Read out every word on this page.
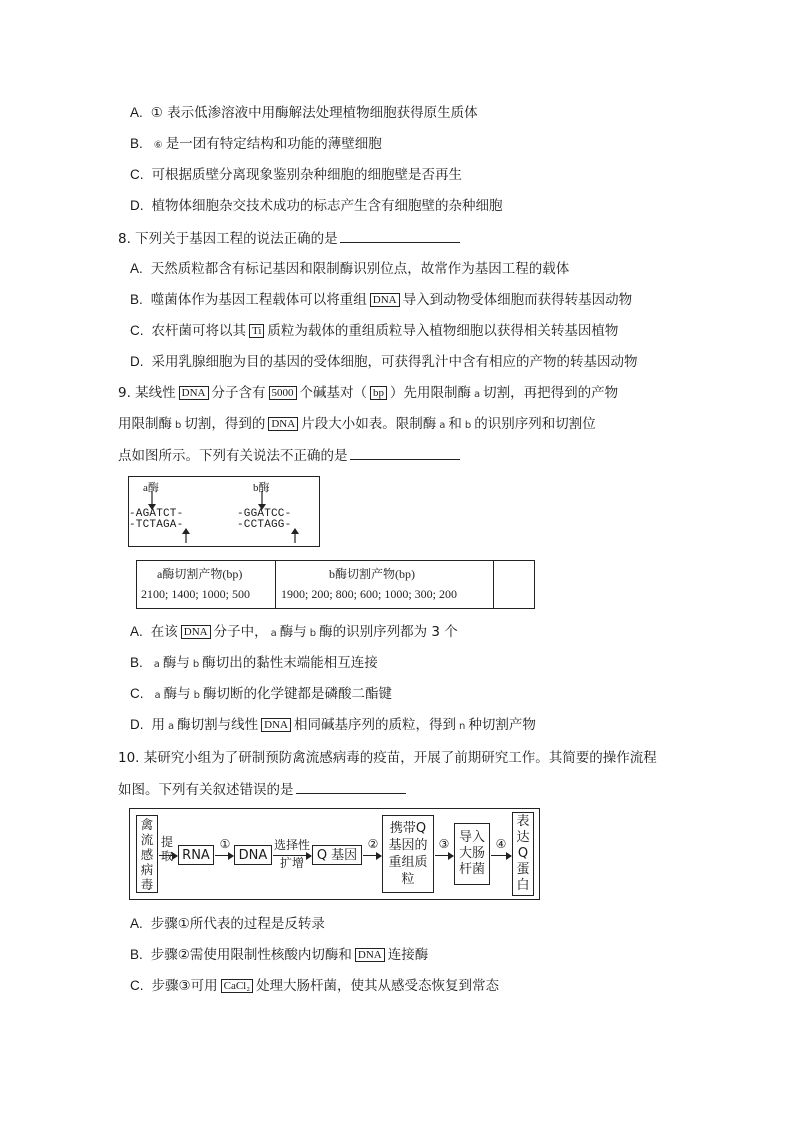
A. ① 表示低渗溶液中用酶解法处理植物细胞获得原生质体
B. ⑥ 是一团有特定结构和功能的薄壁细胞
C. 可根据质壁分离现象鉴别杂种细胞的细胞壁是否再生
D. 植物体细胞杂交技术成功的标志产生含有细胞壁的杂种细胞
8. 下列关于基因工程的说法正确的是
A. 天然质粒都含有标记基因和限制酶识别位点，故常作为基因工程的载体
B. 噬菌体作为基因工程载体可以将重组 DNA 导入到动物受体细胞而获得转基因动物
C. 农杆菌可将以其 Ti 质粒为载体的重组质粒导入植物细胞以获得相关转基因植物
D. 采用乳腺细胞为目的基因的受体细胞，可获得乳汁中含有相应的产物的转基因动物
9. 某线性 DNA 分子含有 5000 个碱基对（ bp ）先用限制酶 a 切割，再把得到的产物
用限制酶 b 切割，得到的 DNA 片段大小如表。限制酶 a 和 b 的识别序列和切割位
点如图所示。下列有关说法不正确的是
a酶	b酶
-AGATCT-
-TCTAGA-
-GGATCC-
-CCTAGG-
a酶切割产物(bp)	b酶切割产物(bp)
2100; 1400; 1000; 500	1900; 200; 800; 600; 1000; 300; 200
A. 在该 DNA 分子中， a 酶与 b 酶的识别序列都为 3 个
B. a 酶与 b 酶切出的黏性末端能相互连接
C. a 酶与 b 酶切断的化学键都是磷酸二酯键
D. 用 a 酶切割与线性 DNA 相同碱基序列的质粒，得到 n 种切割产物
10. 某研究小组为了研制预防禽流感病毒的疫苗，开展了前期研究工作。其简要的操作流程
如图。下列有关叙述错误的是
禽流感病毒
提取 RNA
①
DNA
选择性扩增
Q 基因
②
携带Q基因的重组质粒
③ 导入大肠杆菌
④
表达Q蛋白
A. 步骤①所代表的过程是反转录
B. 步骤②需使用限制性核酸内切酶和 DNA 连接酶
C. 步骤③可用 CaCl₂ 处理大肠杆菌，使其从感受态恢复到常态
